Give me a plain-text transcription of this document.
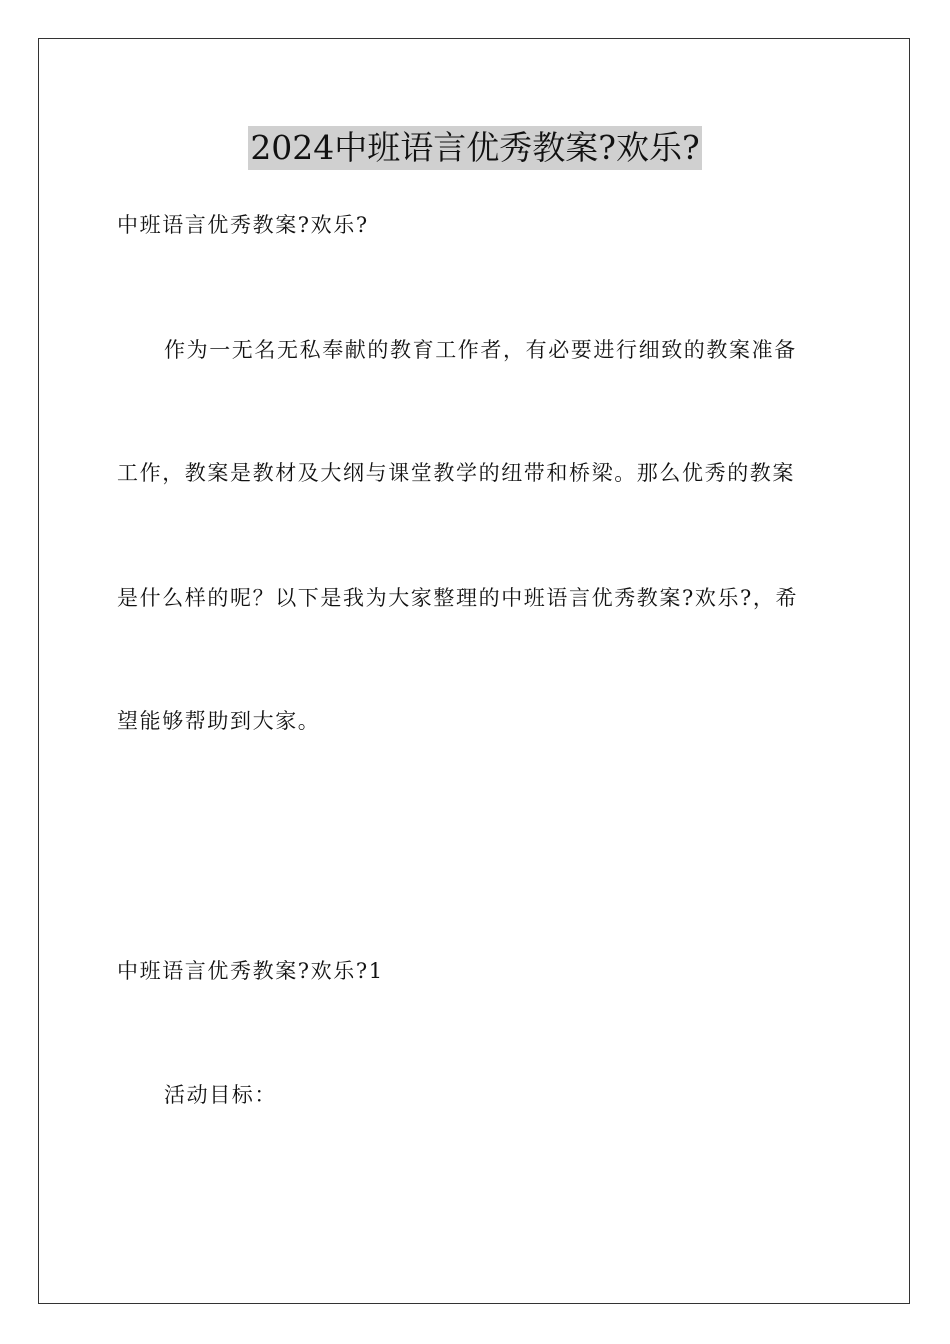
2024中班语言优秀教案?欢乐?
中班语言优秀教案?欢乐?
作为一无名无私奉献的教育工作者，有必要进行细致的教案准备
工作，教案是教材及大纲与课堂教学的纽带和桥梁。那么优秀的教案
是什么样的呢？以下是我为大家整理的中班语言优秀教案?欢乐?，希
望能够帮助到大家。
中班语言优秀教案?欢乐?1
活动目标：
